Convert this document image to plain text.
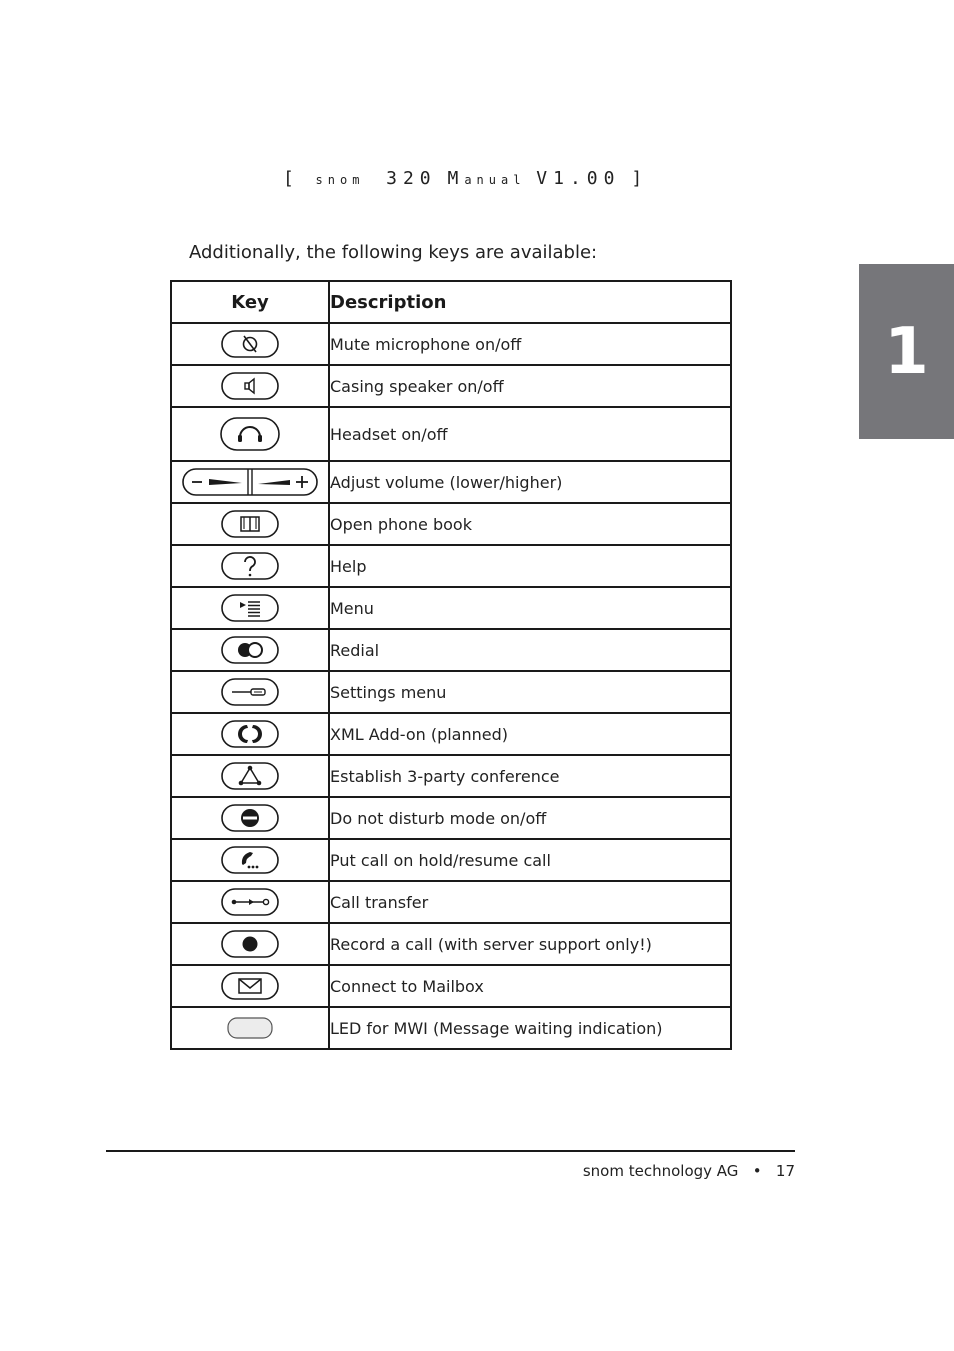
[ snom 320 Manual V1.00 ]
Additionally, the following keys are available:
1
Key	Description
	Mute microphone on/off
	Casing speaker on/off
	Headset on/off
	Adjust volume (lower/higher)
	Open phone book
	Help
	Menu
	Redial
	Settings menu
	XML Add-on (planned)
	Establish 3-party conference
	Do not disturb mode on/off
	Put call on hold/resume call
	Call transfer
	Record a call (with server support only!)
	Connect to Mailbox
	LED for MWI (Message waiting indication)
snom technology AG • 17
